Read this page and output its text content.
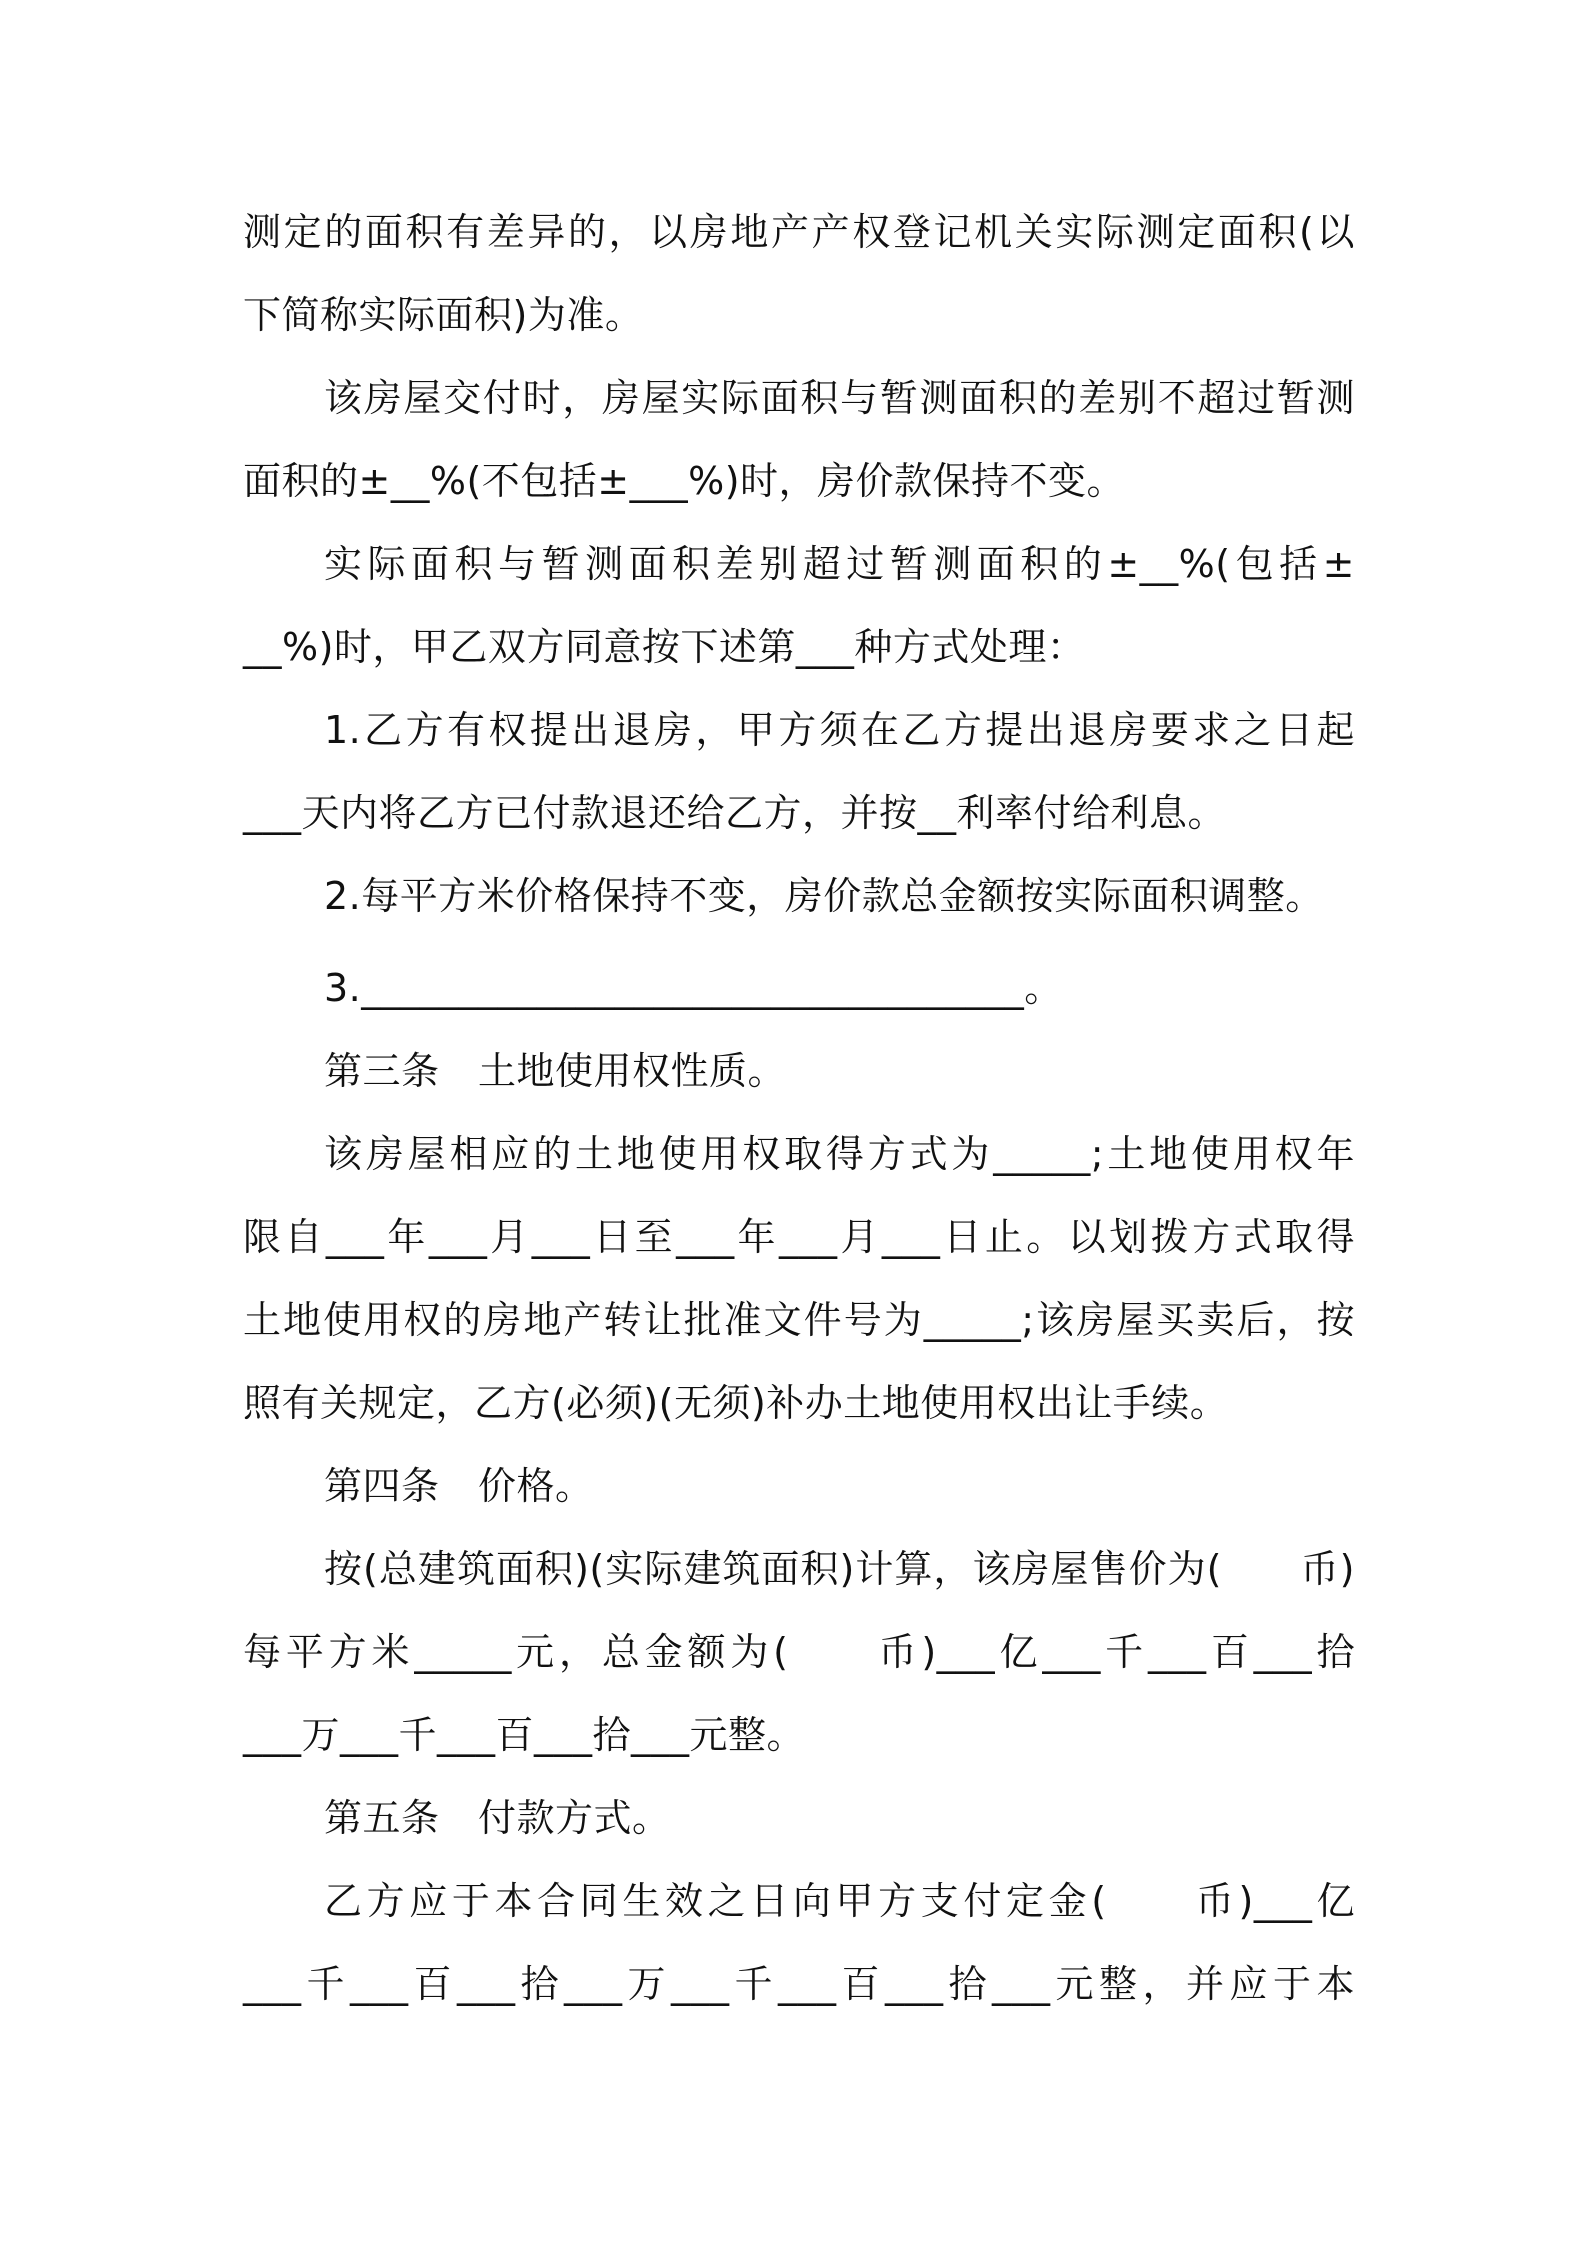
测定的面积有差异的，以房地产产权登记机关实际测定面积(以
下简称实际面积)为准。
该房屋交付时，房屋实际面积与暂测面积的差别不超过暂测
面积的±__%(不包括±___%)时，房价款保持不变。
实际面积与暂测面积差别超过暂测面积的±__%(包括±
__%)时，甲乙双方同意按下述第___种方式处理：
1.乙方有权提出退房，甲方须在乙方提出退房要求之日起
___天内将乙方已付款退还给乙方，并按__利率付给利息。
2.每平方米价格保持不变，房价款总金额按实际面积调整。
3.__________________________________。
第三条　土地使用权性质。
该房屋相应的土地使用权取得方式为_____;土地使用权年
限自___年___月___日至___年___月___日止。以划拨方式取得
土地使用权的房地产转让批准文件号为_____;该房屋买卖后，按
照有关规定，乙方(必须)(无须)补办土地使用权出让手续。
第四条　价格。
按(总建筑面积)(实际建筑面积)计算，该房屋售价为(　　币)
每平方米_____元，总金额为(　　币)___亿___千___百___拾
___万___千___百___拾___元整。
第五条　付款方式。
乙方应于本合同生效之日向甲方支付定金(　　币)___亿
___千___百___拾___万___千___百___拾___元整，并应于本
